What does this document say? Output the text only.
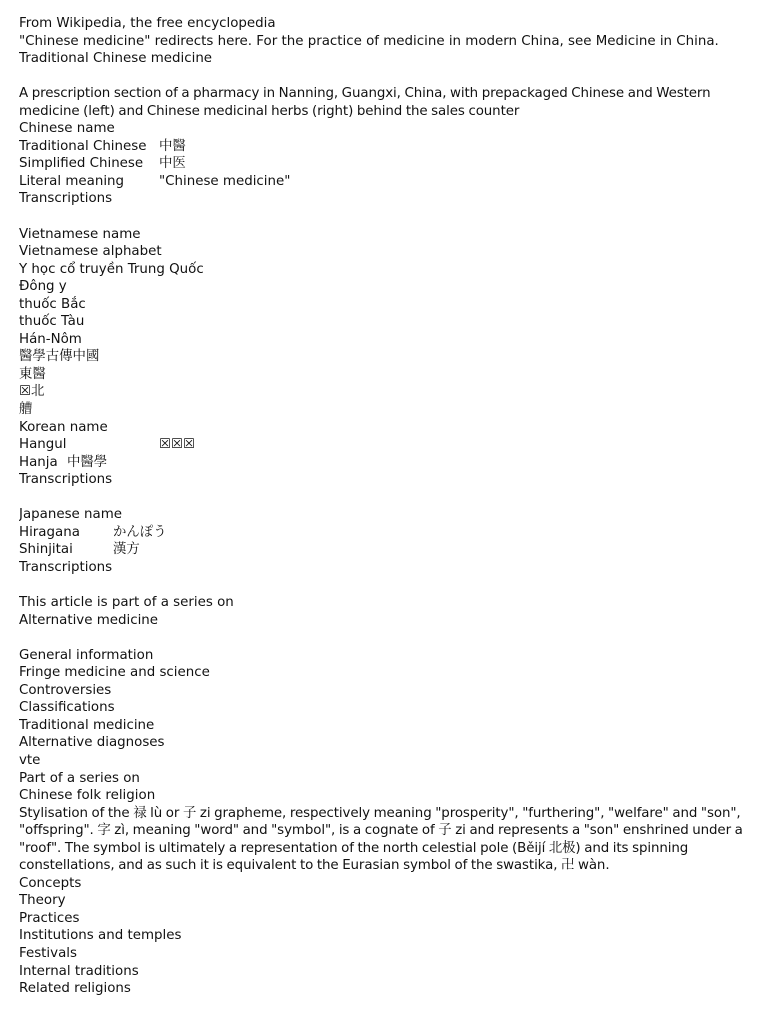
From Wikipedia, the free encyclopedia
"Chinese medicine" redirects here. For the practice of medicine in modern China, see Medicine in China.
Traditional Chinese medicine
A prescription section of a pharmacy in Nanning, Guangxi, China, with prepackaged Chinese and Western medicine (left) and Chinese medicinal herbs (right) behind the sales counter
Chinese name
Traditional Chinese 中醫
Simplified Chinese	中医
Literal meaning	"Chinese medicine"
Transcriptions
Vietnamese name
Vietnamese alphabet
Y học cổ truyền Trung Quốc
Đông y
thuốc Bắc
thuốc Tàu
Hán-Nôm
醫學古傳中國
東醫
☒北
艚
Korean name
Hangul	☒☒☒
Hanja 中醫學
Transcriptions
Japanese name
Hiragana	かんぽう
Shinjitai	漢方
Transcriptions
This article is part of a series on
Alternative medicine
General information
Fringe medicine and science
Controversies
Classifications
Traditional medicine
Alternative diagnoses
vte
Part of a series on
Chinese folk religion
Stylisation of the 禄 lù or 子 zi grapheme, respectively meaning "prosperity", "furthering", "welfare" and "son", "offspring". 字 zì, meaning "word" and "symbol", is a cognate of 子 zi and represents a "son" enshrined under a "roof". The symbol is ultimately a representation of the north celestial pole (Běijí 北极) and its spinning constellations, and as such it is equivalent to the Eurasian symbol of the swastika, 卍 wàn.
Concepts
Theory
Practices
Institutions and temples
Festivals
Internal traditions
Related religions
